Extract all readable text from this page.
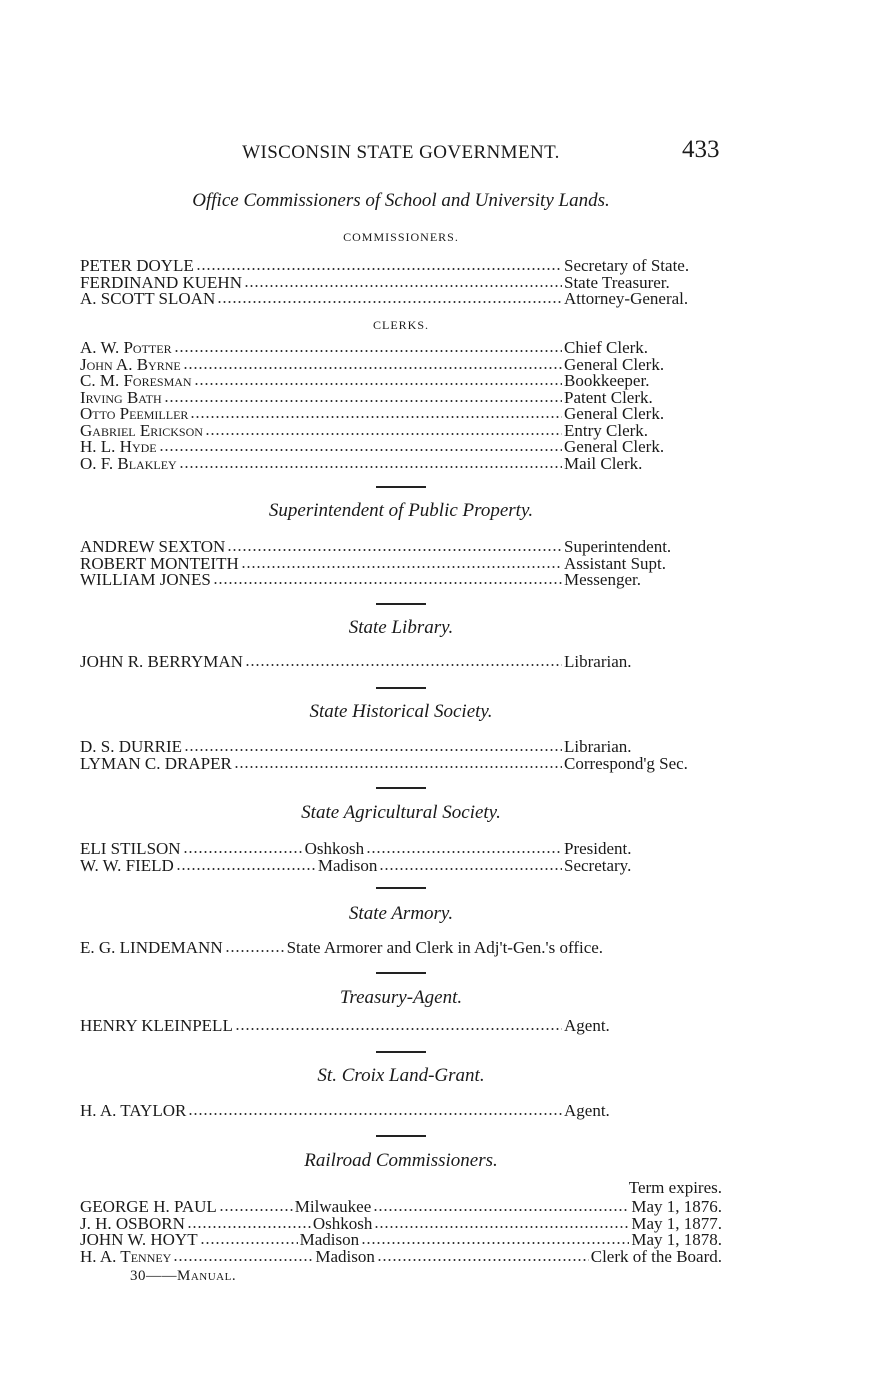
WISCONSIN STATE GOVERNMENT.	433
Office Commissioners of School and University Lands.
COMMISSIONERS.
PETER DOYLE	Secretary of State.
FERDINAND KUEHN	State Treasurer.
A. SCOTT SLOAN	Attorney-General.
CLERKS.
A. W. Potter	Chief Clerk.
John A. Byrne	General Clerk.
C. M. Foresman	Bookkeeper.
Irving Bath	Patent Clerk.
Otto Peemiller	General Clerk.
Gabriel Erickson	Entry Clerk.
H. L. Hyde	General Clerk.
O. F. Blakley	Mail Clerk.
Superintendent of Public Property.
ANDREW SEXTON	Superintendent.
ROBERT MONTEITH	Assistant Supt.
WILLIAM JONES	Messenger.
State Library.
JOHN R. BERRYMAN	Librarian.
State Historical Society.
D. S. DURRIE	Librarian.
LYMAN C. DRAPER	Correspond'g Sec.
State Agricultural Society.
ELI STILSON	Oshkosh	President.
W. W. FIELD	Madison	Secretary.
State Armory.
E. G. LINDEMANN	State Armorer and Clerk in Adj't-Gen.'s office.
Treasury-Agent.
HENRY KLEINPELL	Agent.
St. Croix Land-Grant.
H. A. TAYLOR	Agent.
Railroad Commissioners.
Term expires.
GEORGE H. PAUL	Milwaukee	May 1, 1876.
J. H. OSBORN	Oshkosh	May 1, 1877.
JOHN W. HOYT	Madison	May 1, 1878.
H. A. Tenney	Madison	Clerk of the Board.
30——Manual.
